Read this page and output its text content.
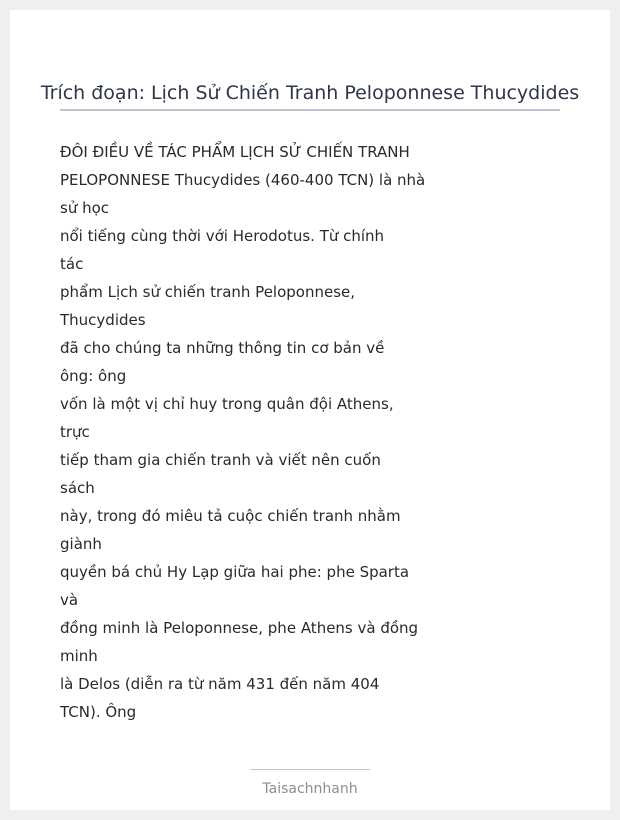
Trích đoạn: Lịch Sử Chiến Tranh Peloponnese Thucydides
ĐÔI ĐIỀU VỀ TÁC PHẨM LỊCH SỬ CHIẾN TRANH
PELOPONNESE Thucydides (460-400 TCN) là nhà
sử học
nổi tiếng cùng thời với Herodotus. Từ chính
tác
phẩm Lịch sử chiến tranh Peloponnese,
Thucydides
đã cho chúng ta những thông tin cơ bản về
ông: ông
vốn là một vị chỉ huy trong quân đội Athens,
trực
tiếp tham gia chiến tranh và viết nên cuốn
sách
này, trong đó miêu tả cuộc chiến tranh nhằm
giành
quyền bá chủ Hy Lạp giữa hai phe: phe Sparta
và
đồng minh là Peloponnese, phe Athens và đồng
minh
là Delos (diễn ra từ năm 431 đến năm 404
TCN). Ông
Taisachnhanh
